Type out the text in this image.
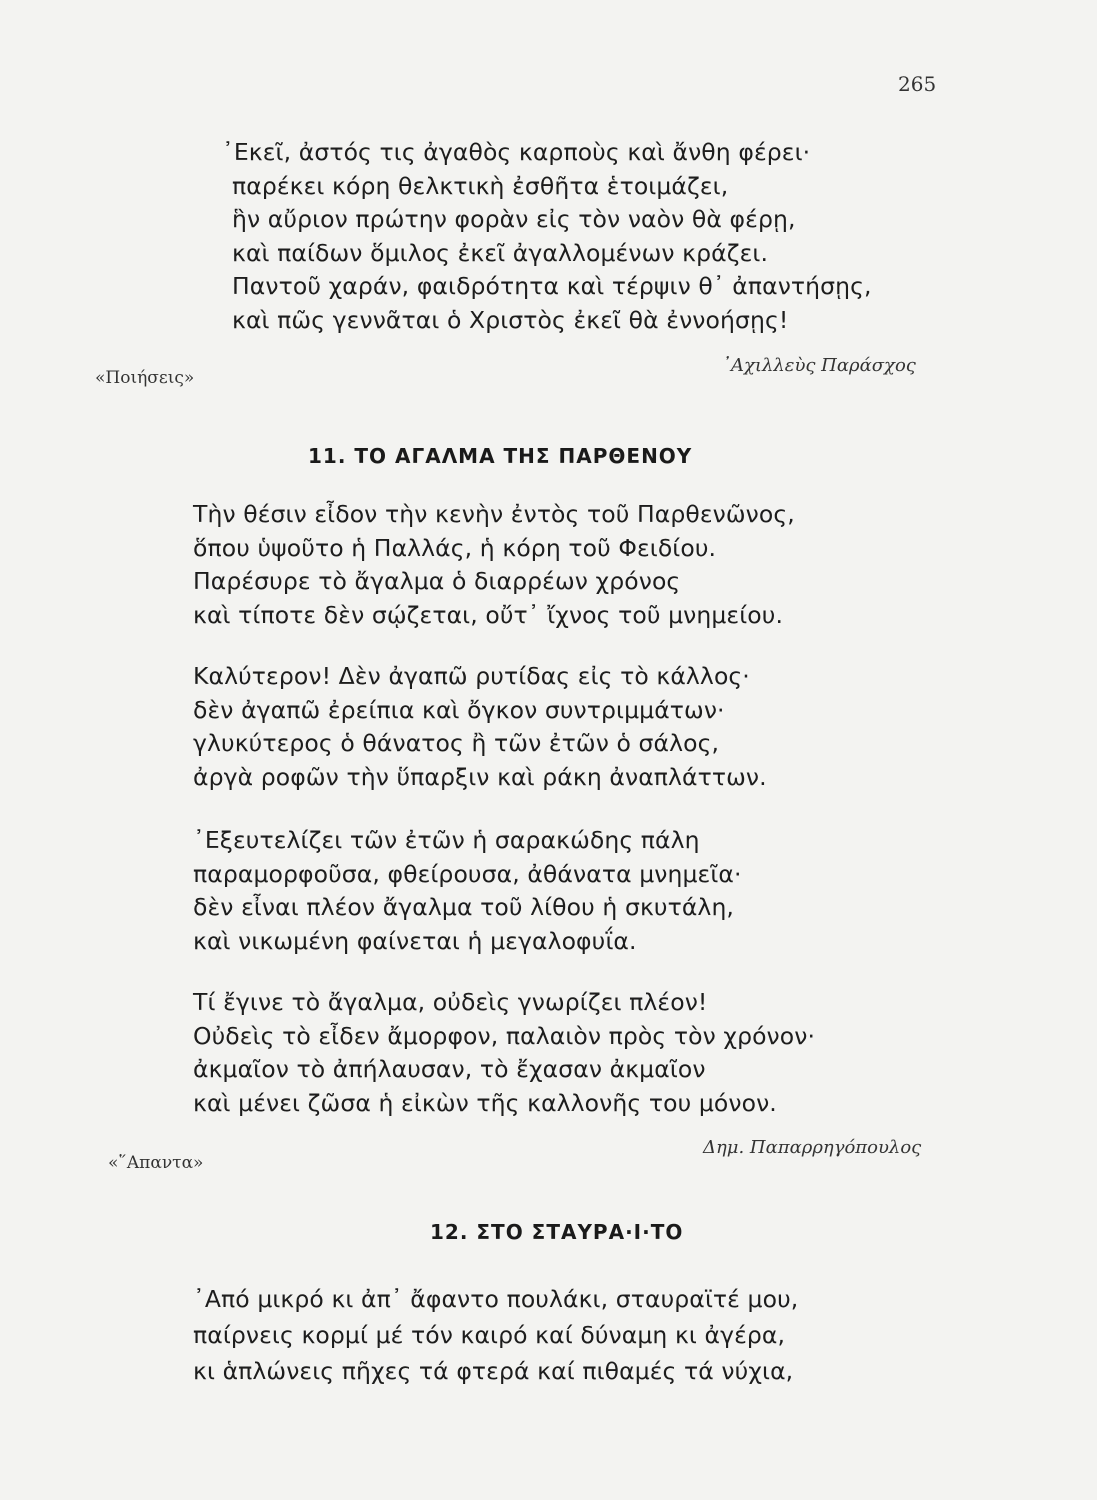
265
᾿Εκεῖ, ἀστός τις ἀγαθὸς καρποὺς καὶ ἄνθη φέρει·
παρέκει κόρη θελκτικὴ ἐσθῆτα ἑτοιμάζει,
ἣν αὔριον πρώτην φορὰν εἰς τὸν ναὸν θὰ φέρῃ,
καὶ παίδων ὅμιλος ἐκεῖ ἀγαλλομένων κράζει.
Παντοῦ χαράν, φαιδρότητα καὶ τέρψιν θ᾿ ἀπαντήσῃς,
καὶ πῶς γεννᾶται ὁ Χριστὸς ἐκεῖ θὰ ἐννοήσῃς!
«Ποιήσεις»
᾿Αχιλλεὺς Παράσχος
11. ΤΟ ΑΓΑΛΜΑ ΤΗΣ ΠΑΡΘΕΝΟΥ
Τὴν θέσιν εἶδον τὴν κενὴν ἐντὸς τοῦ Παρθενῶνος,
ὅπου ὑψοῦτο ἡ Παλλάς, ἡ κόρη τοῦ Φειδίου.
Παρέσυρε τὸ ἄγαλμα ὁ διαρρέων χρόνος
καὶ τίποτε δὲν σῴζεται, οὔτ᾿ ἴχνος τοῦ μνημείου.
Καλύτερον! Δὲν ἀγαπῶ ρυτίδας εἰς τὸ κάλλος·
δὲν ἀγαπῶ ἐρείπια καὶ ὄγκον συντριμμάτων·
γλυκύτερος ὁ θάνατος ἢ τῶν ἐτῶν ὁ σάλος,
ἀργὰ ροφῶν τὴν ὕπαρξιν καὶ ράκη ἀναπλάττων.
᾿Εξευτελίζει τῶν ἐτῶν ἡ σαρακώδης πάλη
παραμορφοῦσα, φθείρουσα, ἀθάνατα μνημεῖα·
δὲν εἶναι πλέον ἄγαλμα τοῦ λίθου ἡ σκυτάλη,
καὶ νικωμένη φαίνεται ἡ μεγαλοφυΐα.
Τί ἔγινε τὸ ἄγαλμα, οὐδεὶς γνωρίζει πλέον!
Οὐδεὶς τὸ εἶδεν ἄμορφον, παλαιὸν πρὸς τὸν χρόνον·
ἀκμαῖον τὸ ἀπήλαυσαν, τὸ ἔχασαν ἀκμαῖον
καὶ μένει ζῶσα ἡ εἰκὼν τῆς καλλονῆς του μόνον.
«῞Απαντα»
Δημ. Παπαρρηγόπουλος
12. ΣΤΟ ΣΤΑΥΡΑ·Ι·ΤΟ
᾿Από μικρό κι ἀπ᾿ ἄφαντο πουλάκι, σταυραϊτέ μου,
παίρνεις κορμί μέ τόν καιρό καί δύναμη κι ἀγέρα,
κι ἁπλώνεις πῆχες τά φτερά καί πιθαμές τά νύχια,
